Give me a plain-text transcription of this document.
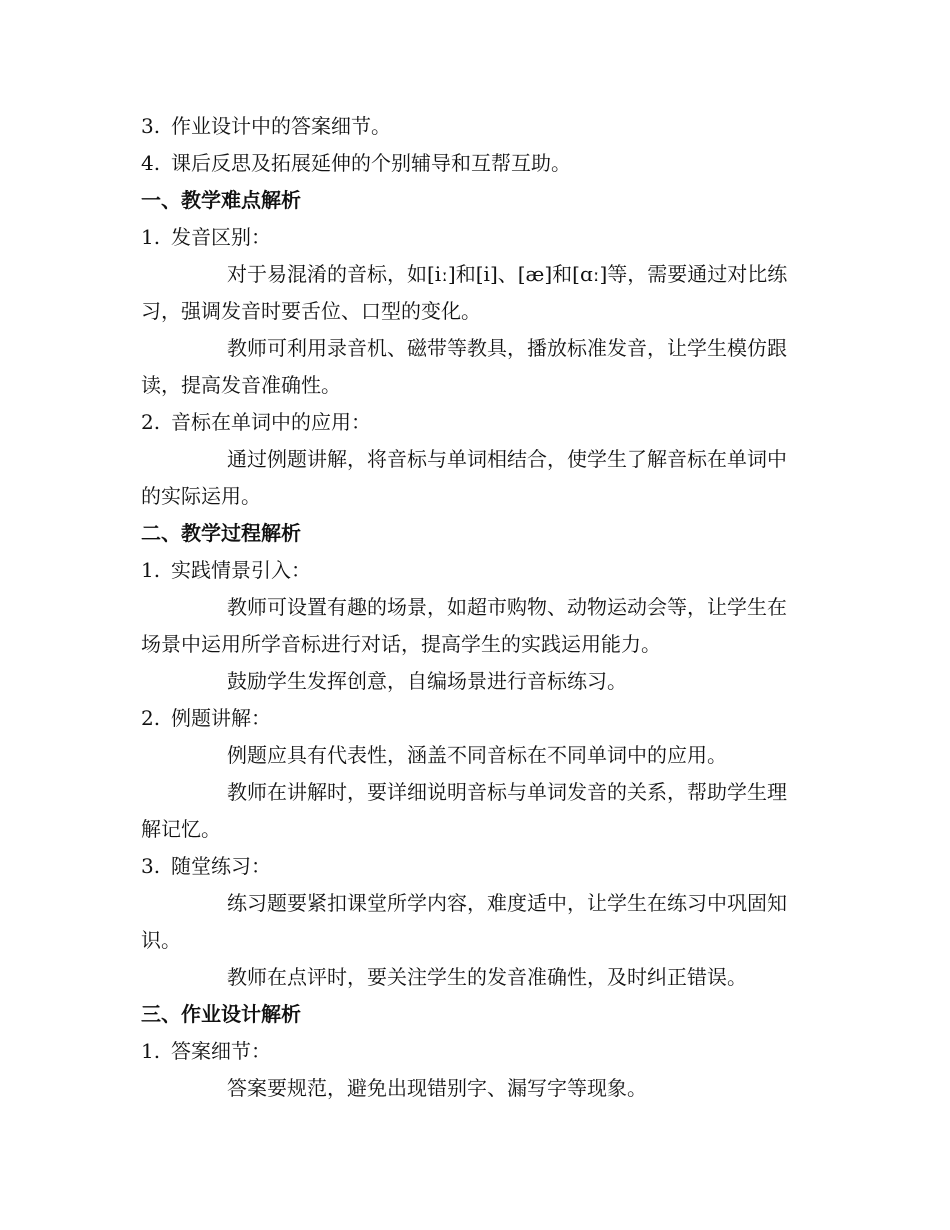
3. 作业设计中的答案细节。

4. 课后反思及拓展延伸的个别辅导和互帮互助。

一、教学难点解析

1. 发音区别：

对于易混淆的音标，如[iː]和[i]、[æ]和[ɑː]等，需要通过对比练习，强调发音时要舌位、口型的变化。

教师可利用录音机、磁带等教具，播放标准发音，让学生模仿跟读，提高发音准确性。

2. 音标在单词中的应用：

通过例题讲解，将音标与单词相结合，使学生了解音标在单词中的实际运用。

二、教学过程解析

1. 实践情景引入：

教师可设置有趣的场景，如超市购物、动物运动会等，让学生在场景中运用所学音标进行对话，提高学生的实践运用能力。

鼓励学生发挥创意，自编场景进行音标练习。

2. 例题讲解：

例题应具有代表性，涵盖不同音标在不同单词中的应用。

教师在讲解时，要详细说明音标与单词发音的关系，帮助学生理解记忆。

3. 随堂练习：

练习题要紧扣课堂所学内容，难度适中，让学生在练习中巩固知识。

教师在点评时，要关注学生的发音准确性，及时纠正错误。

三、作业设计解析

1. 答案细节：

答案要规范，避免出现错别字、漏写字等现象。
